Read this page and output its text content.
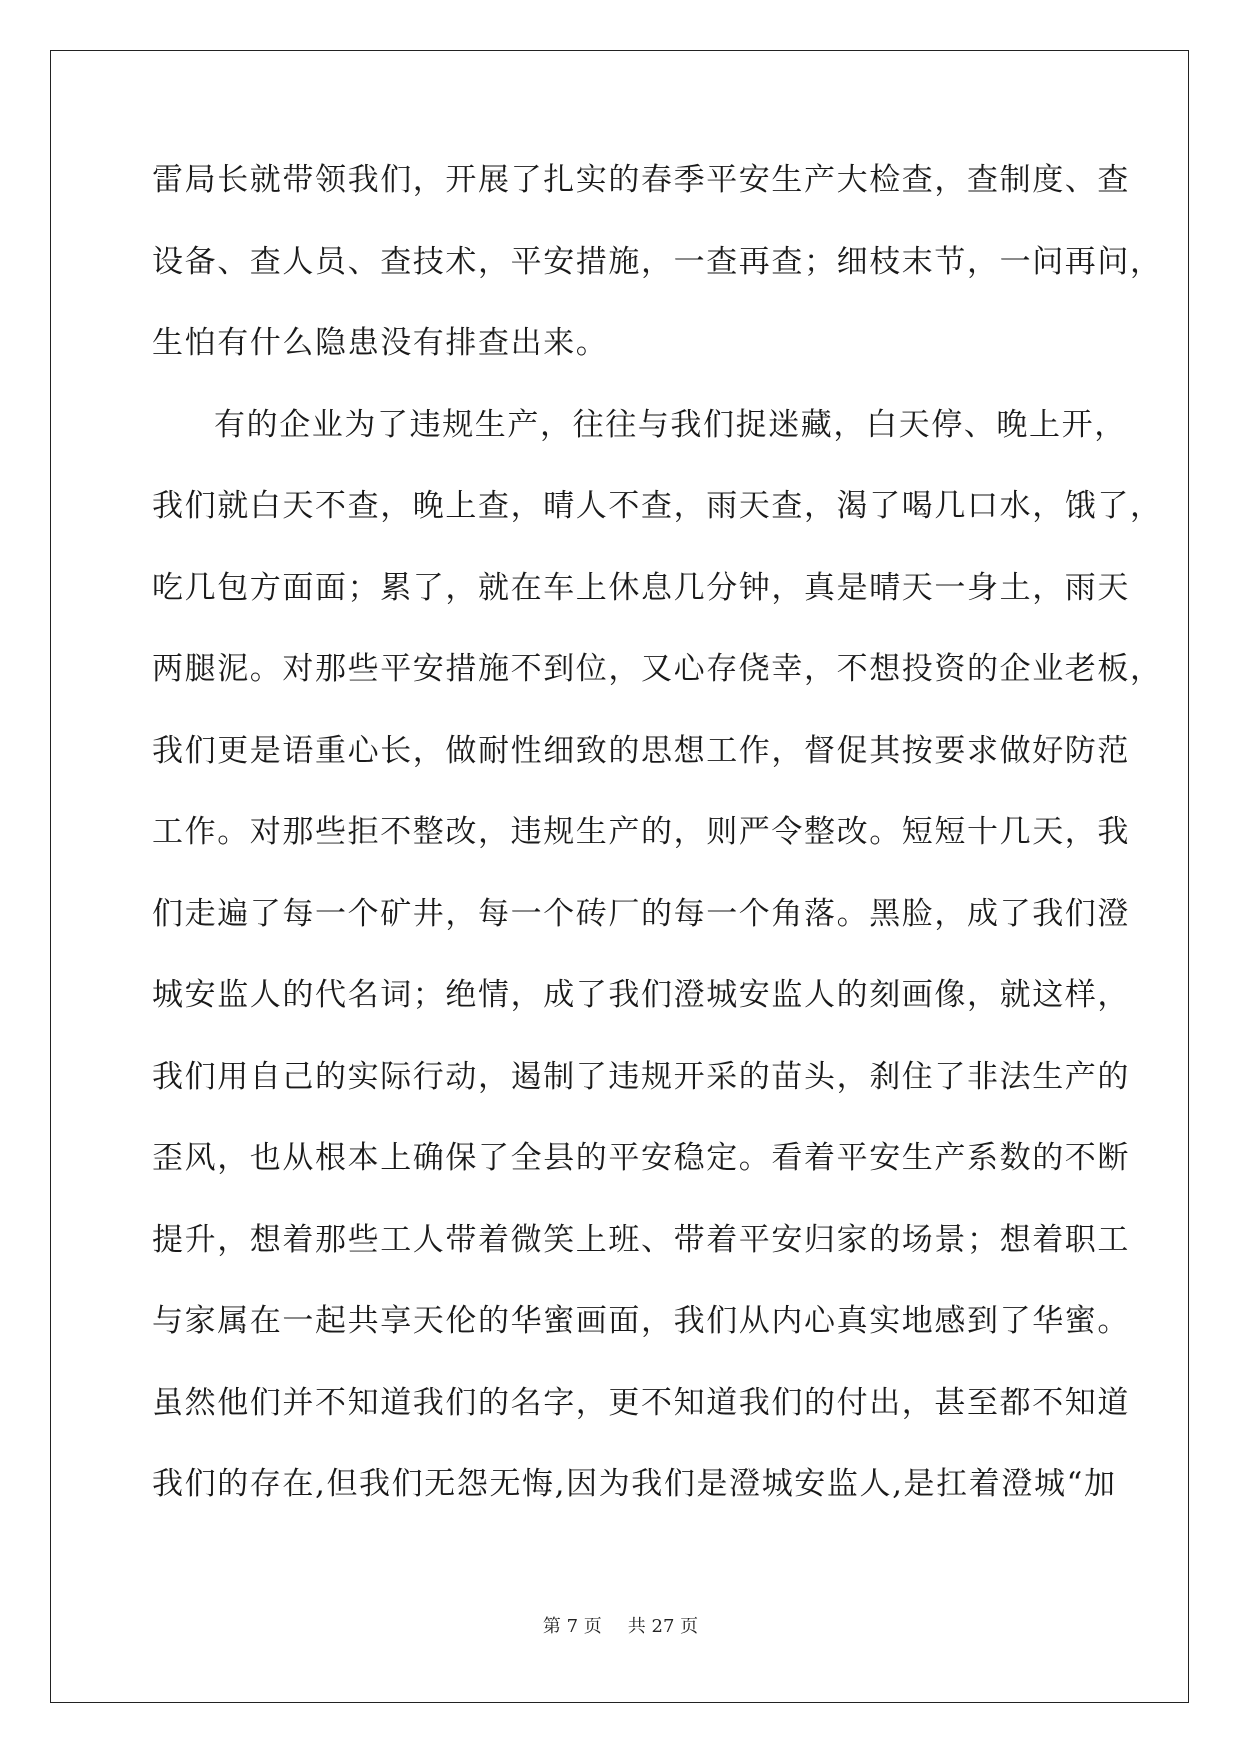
雷局长就带领我们，开展了扎实的春季平安生产大检查，查制度、查
设备、查人员、查技术，平安措施，一查再查；细枝末节，一问再问，
生怕有什么隐患没有排查出来。
有的企业为了违规生产，往往与我们捉迷藏，白天停、晚上开，
我们就白天不查，晚上查，晴人不查，雨天查，渴了喝几口水，饿了，
吃几包方面面；累了，就在车上休息几分钟，真是晴天一身土，雨天
两腿泥。对那些平安措施不到位，又心存侥幸，不想投资的企业老板，
我们更是语重心长，做耐性细致的思想工作，督促其按要求做好防范
工作。对那些拒不整改，违规生产的，则严令整改。短短十几天，我
们走遍了每一个矿井，每一个砖厂的每一个角落。黑脸，成了我们澄
城安监人的代名词；绝情，成了我们澄城安监人的刻画像，就这样，
我们用自己的实际行动，遏制了违规开采的苗头，刹住了非法生产的
歪风，也从根本上确保了全县的平安稳定。看着平安生产系数的不断
提升，想着那些工人带着微笑上班、带着平安归家的场景；想着职工
与家属在一起共享天伦的华蜜画面，我们从内心真实地感到了华蜜。
虽然他们并不知道我们的名字，更不知道我们的付出，甚至都不知道
我们的存在,但我们无怨无悔,因为我们是澄城安监人,是扛着澄城“加
第 7 页 共 27 页
